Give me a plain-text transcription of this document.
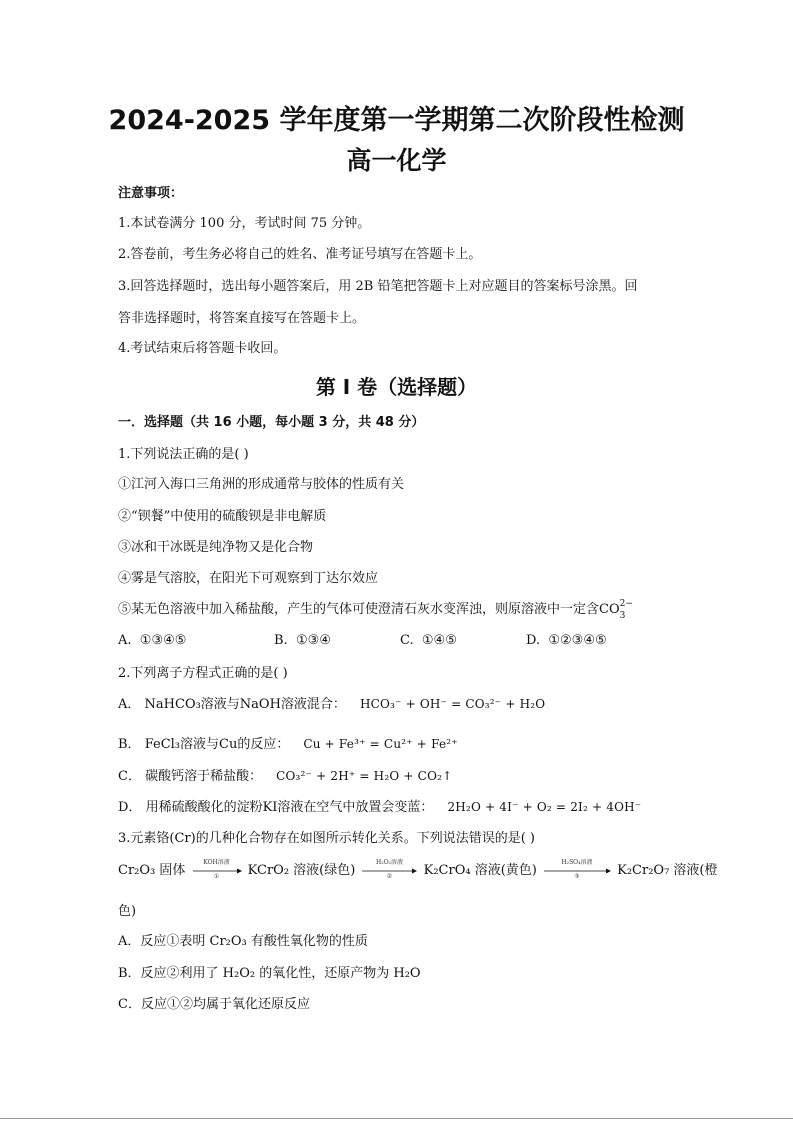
2024-2025 学年度第一学期第二次阶段性检测
高一化学
注意事项：
1.本试卷满分 100 分，考试时间 75 分钟。
2.答卷前，考生务必将自己的姓名、准考证号填写在答题卡上。
3.回答选择题时，选出每小题答案后，用 2B 铅笔把答题卡上对应题目的答案标号涂黑。回
答非选择题时，将答案直接写在答题卡上。
4.考试结束后将答题卡收回。
第 Ⅰ 卷（选择题）
一．选择题（共 16 小题，每小题 3 分，共 48 分）
1.下列说法正确的是( )
①江河入海口三角洲的形成通常与胶体的性质有关
②“钡餐”中使用的硫酸钡是非电解质
③冰和干冰既是纯净物又是化合物
④雾是气溶胶，在阳光下可观察到丁达尔效应
⑤某无色溶液中加入稀盐酸，产生的气体可使澄清石灰水变浑浊，则原溶液中一定含CO 2−
3
A. ①③④⑤	B. ①③④	C. ①④⑤	D. ①②③④⑤
2.下列离子方程式正确的是( )
A． NaHCO₃溶液与NaOH溶液混合： HCO₃⁻ + OH⁻ = CO₃²⁻ + H₂O
B． FeCl₃溶液与Cu的反应： Cu + Fe³⁺ = Cu²⁺ + Fe²⁺
C． 碳酸钙溶于稀盐酸： CO₃²⁻ + 2H⁺ = H₂O + CO₂↑
D． 用稀硫酸酸化的淀粉KI溶液在空气中放置会变蓝： 2H₂O + 4I⁻ + O₂ = 2I₂ + 4OH⁻
3.元素铬(Cr)的几种化合物存在如图所示转化关系。下列说法错误的是( )
Cr₂O₃ 固体
KOH溶液
①	KCrO₂ 溶液(绿色)
H₂O₂溶液
②	K₂CrO₄ 溶液(黄色)
H₂SO₄溶液
③	K₂Cr₂O₇ 溶液(橙
色)
A．反应①表明 Cr₂O₃ 有酸性氧化物的性质
B．反应②利用了 H₂O₂ 的氧化性，还原产物为 H₂O
C．反应①②均属于氧化还原反应
